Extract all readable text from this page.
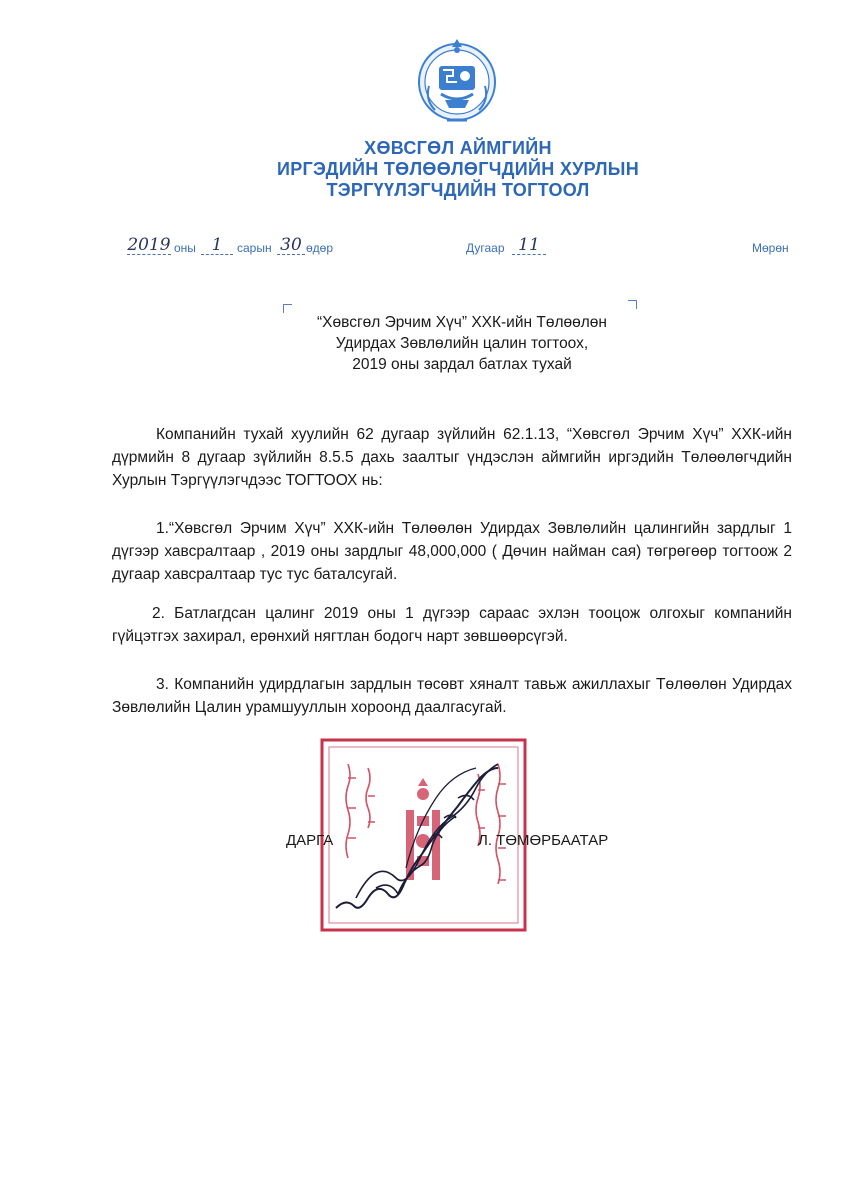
ХӨВСГӨЛ АЙМГИЙН
ИРГЭДИЙН ТӨЛӨӨЛӨГЧДИЙН ХУРЛЫН
ТЭРГҮҮЛЭГЧДИЙН ТОГТООЛ
2019 оны 1	сарын 30 өдөр	Дугаар 11	Мөрөн
“Хөвсгөл Эрчим Хүч” ХХК-ийн Төлөөлөн
Удирдах Зөвлөлийн цалин тогтоох,
2019 оны зардал батлах тухай
Компанийн тухай хуулийн 62 дугаар зүйлийн 62.1.13, “Хөвсгөл Эрчим Хүч” ХХК-ийн дүрмийн 8 дугаар зүйлийн 8.5.5 дахь заалтыг үндэслэн аймгийн иргэдийн Төлөөлөгчдийн Хурлын Тэргүүлэгчдээс ТОГТООХ нь:
1.“Хөвсгөл Эрчим Хүч” ХХК-ийн Төлөөлөн Удирдах Зөвлөлийн цалингийн зардлыг 1 дүгээр хавсралтаар , 2019 оны зардлыг 48,000,000 ( Дөчин найман сая) төгрөгөөр тогтоож 2 дугаар хавсралтаар тус тус баталсугай.
2. Батлагдсан цалинг 2019 оны 1 дүгээр сараас эхлэн тооцож олгохыг компанийн гүйцэтгэх захирал, ерөнхий нягтлан бодогч нарт зөвшөөрсүгэй.
3. Компанийн удирдлагын зардлын төсөвт хяналт тавьж ажиллахыг Төлөөлөн Удирдах Зөвлөлийн Цалин урамшууллын хороонд даалгасугай.
ДАРГА	Л. ТӨМӨРБААТАР
